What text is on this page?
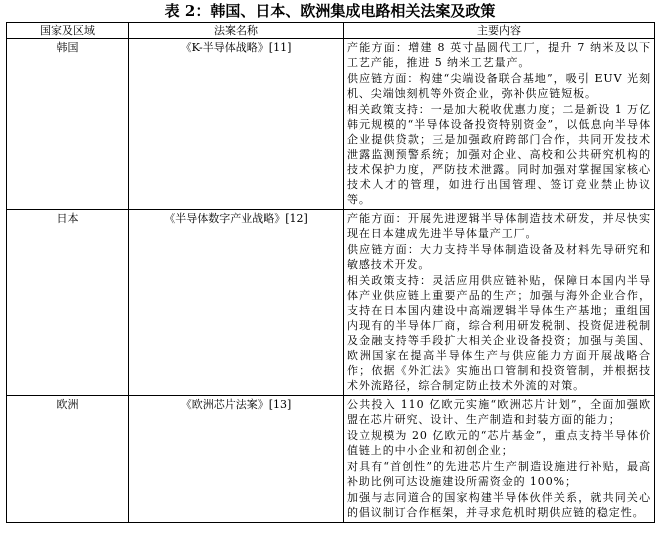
表 2：韩国、日本、欧洲集成电路相关法案及政策
国家及区域	法案名称	主要内容
韩国	《K-半导体战略》[11]	产能方面：增建 8 英寸晶圆代工厂，提升 7 纳米及以下工艺产能，推进 5 纳米工艺量产。

供应链方面：构建“尖端设备联合基地”，吸引 EUV 光刻机、尖端蚀刻机等外资企业，弥补供应链短板。

相关政策支持：一是加大税收优惠力度；二是新设 1 万亿韩元规模的“半导体设备投资特别资金”，以低息向半导体企业提供贷款；三是加强政府跨部门合作，共同开发技术泄露监测预警系统；加强对企业、高校和公共研究机构的技术保护力度，严防技术泄露。同时加强对掌握国家核心技术人才的管理，如进行出国管理、签订竞业禁止协议等。

日本	《半导体数字产业战略》[12]	产能方面：开展先进逻辑半导体制造技术研发，并尽快实现在日本建成先进半导体量产工厂。

供应链方面：大力支持半导体制造设备及材料先导研究和敏感技术开发。

相关政策支持：灵活应用供应链补贴，保障日本国内半导体产业供应链上重要产品的生产；加强与海外企业合作，支持在日本国内建设中高端逻辑半导体生产基地；重组国内现有的半导体厂商，综合利用研发税制、投资促进税制及金融支持等手段扩大相关企业设备投资；加强与美国、欧洲国家在提高半导体生产与供应能力方面开展战略合作；依据《外汇法》实施出口管制和投资管制，并根据技术外流路径，综合制定防止技术外流的对策。

欧洲	《欧洲芯片法案》[13]	公共投入 110 亿欧元实施“欧洲芯片计划”，全面加强欧盟在芯片研究、设计、生产制造和封装方面的能力；

设立规模为 20 亿欧元的“芯片基金”，重点支持半导体价值链上的中小企业和初创企业；

对具有“首创性”的先进芯片生产制造设施进行补贴，最高补助比例可达设施建设所需资金的 100%；

加强与志同道合的国家构建半导体伙伴关系，就共同关心的倡议制订合作框架，并寻求危机时期供应链的稳定性。
